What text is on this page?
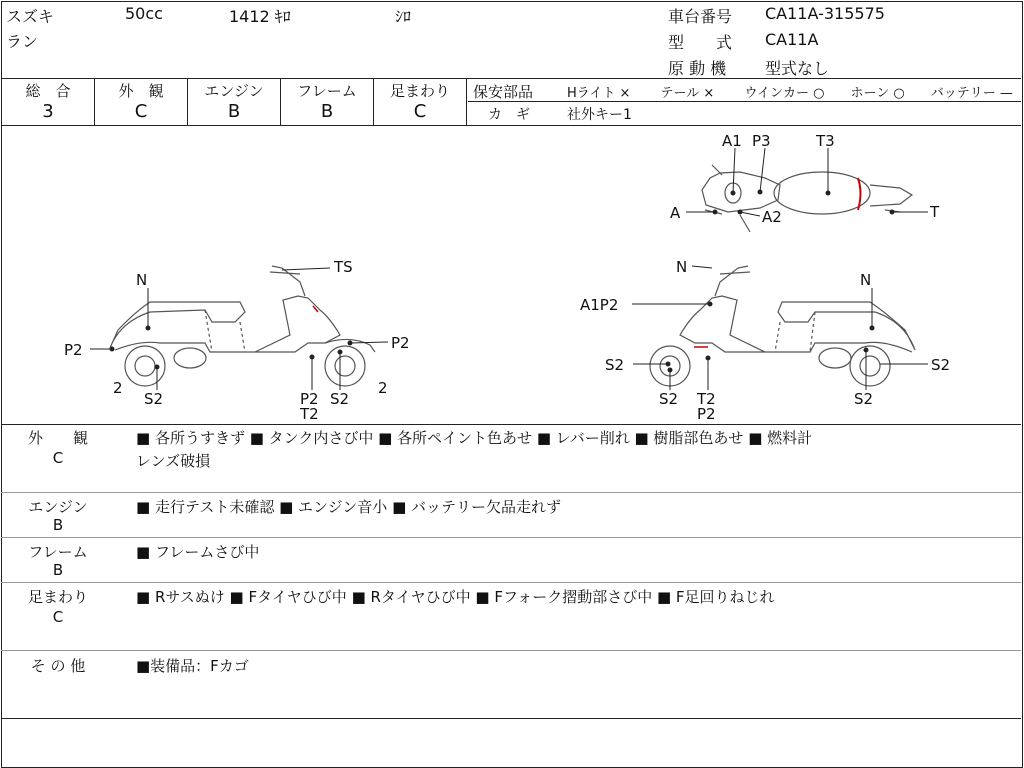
スズキ
ラン
50cc	1412 ｷﾛ	ｼﾛ	車台番号 CA11A-315575
型　　式 CA11A
原 動 機 型式なし
総　合
3
外　観
C
エンジン
B
フレーム
B
足まわり
C
保安部品	Hライト ×　　 テール ×　　 ウインカー ○　　ホーン ○　　バッテリー —
カ　ギ	社外キー1
A1 P3	T3
A	A2	T
N
TS
P2	P2
2	2
S2	P2
T2
S2
N
N
A1P2
S2
S2 T2
P2
S2
S2
外　　観
C
■ 各所うすきず ■ タンク内さび中 ■ 各所ペイント色あせ ■ レバー削れ ■ 樹脂部色あせ ■ 燃料計
レンズ破損
エンジン
B
■ 走行テスト未確認 ■ エンジン音小 ■ バッテリー欠品走れず
フレーム
B
■ フレームさび中
足まわり
C
■ Rサスぬけ ■ Fタイヤひび中 ■ Rタイヤひび中 ■ Fフォーク摺動部さび中 ■ F足回りねじれ
そ の 他	■装備品：Fカゴ
